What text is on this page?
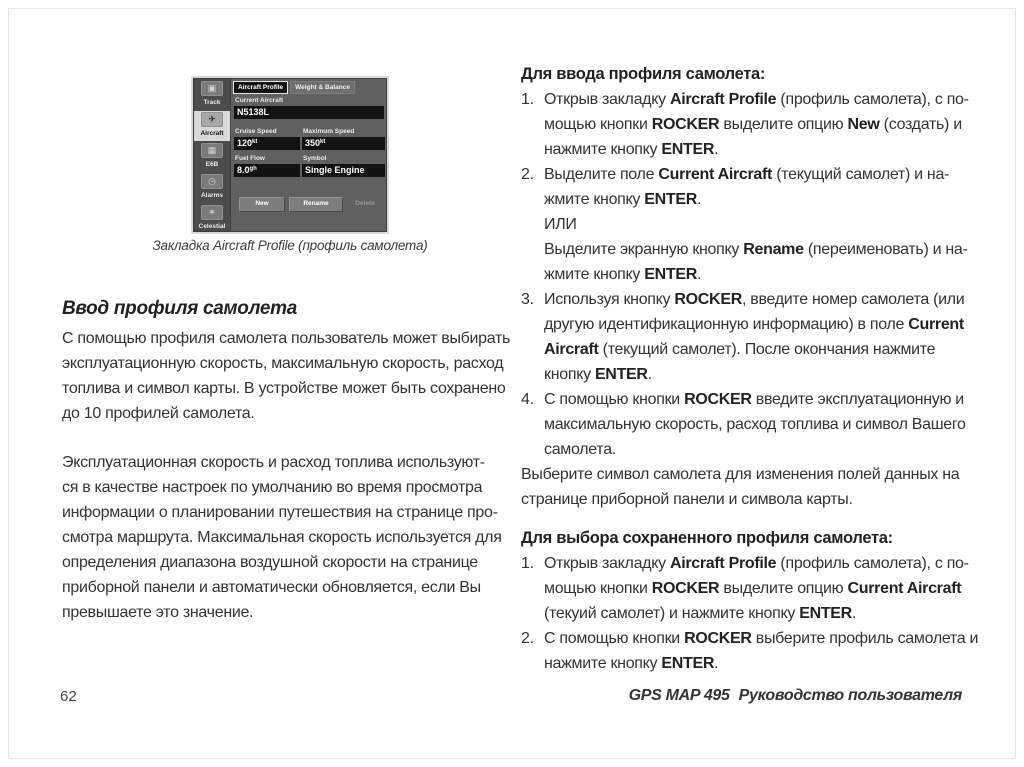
▣
Track
✈
Aircraft
▦
E6B
◷
Alarms
✶
Celestial
Aircraft Profile	Weight & Balance
Current Aircraft
N5138L
Cruise Speed	Maximum Speed
$120^{kt}$	$350^{kt}$
Fuel Flow	Symbol
8.0$^{gh}$	Single Engine
New	Rename	Delete
Закладка Aircraft Profile (профиль самолета)
Ввод профиля самолета

С помощью профиля самолета пользователь может выбирать
эксплуатационную скорость, максимальную скорость, расход
топлива и символ карты. В устройстве может быть сохранено
до 10 профилей самолета.

Эксплуатационная скорость и расход топлива используют-
ся в качестве настроек по умолчанию во время просмотра
информации о планировании путешествия на странице про-
смотра маршрута. Максимальная скорость используется для
определения диапазона воздушной скорости на странице
приборной панели и автоматически обновляется, если Вы
превышаете это значение.

Для ввода профиля самолета:
1. Открыв закладку Aircraft Profile (профиль самолета), с по-
мощью кнопки ROCKER выделите опцию New (создать) и
нажмите кнопку ENTER.
2. Выделите поле Current Aircraft (текущий самолет) и на-
жмите кнопку ENTER.
ИЛИ
Выделите экранную кнопку Rename (переименовать) и на-
жмите кнопку ENTER.
3. Используя кнопку ROCKER, введите номер самолета (или
другую идентификационную информацию) в поле Current
Aircraft (текущий самолет). После окончания нажмите
кнопку ENTER.
4. С помощью кнопки ROCKER введите эксплуатационную и
максимальную скорость, расход топлива и символ Вашего
самолета.

Выберите символ самолета для изменения полей данных на
странице приборной панели и символа карты.

Для выбора сохраненного профиля самолета:
1. Открыв закладку Aircraft Profile (профиль самолета), с по-
мощью кнопки ROCKER выделите опцию Current Aircraft
(текуий самолет) и нажмите кнопку ENTER.
2. С помощью кнопки ROCKER выберите профиль самолета и
нажмите кнопку ENTER.
62	GPS MAP 495 Руководство пользователя
